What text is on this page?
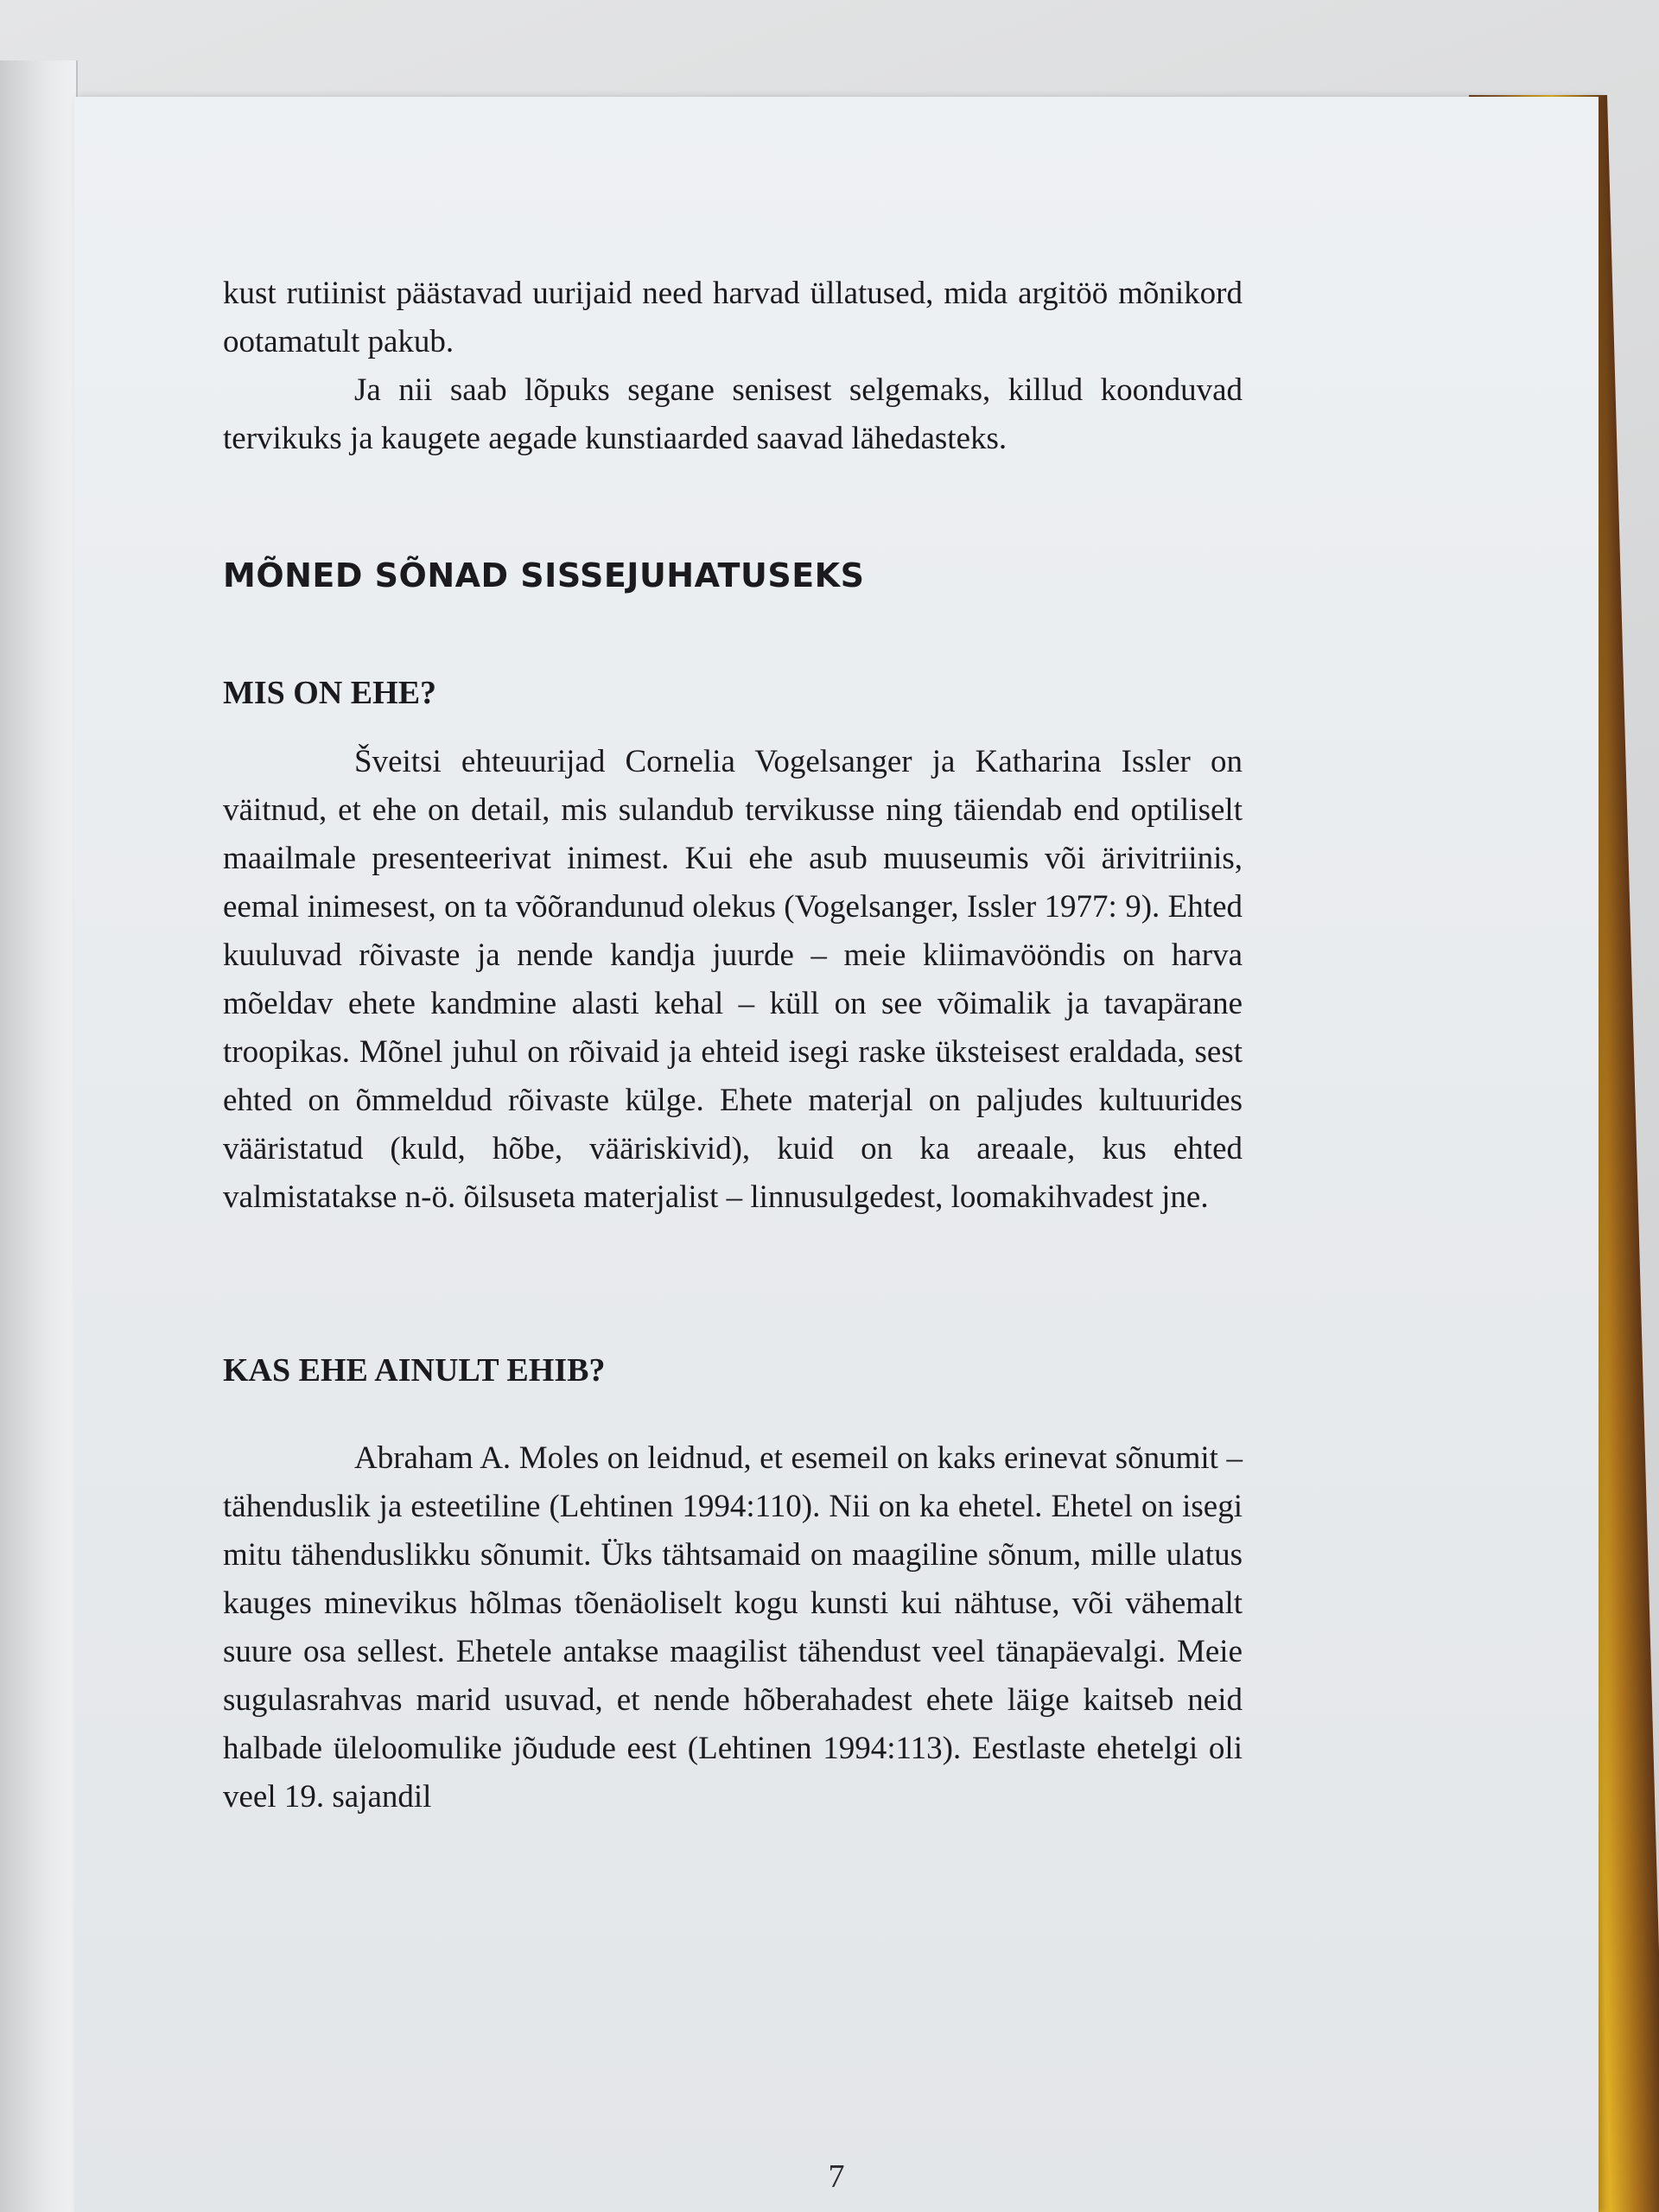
kust rutiinist päästavad uurijaid need harvad üllatused, mida argitöö mõnikord ootamatult pakub.

Ja nii saab lõpuks segane senisest selgemaks, killud koonduvad tervikuks ja kaugete aegade kunstiaarded saavad lähedasteks.

MÕNED SÕNAD SISSEJUHATUSEKS
MIS ON EHE?

Šveitsi ehteuurijad Cornelia Vogelsanger ja Katharina Issler on väitnud, et ehe on detail, mis sulandub tervikusse ning täiendab end optiliselt maailmale presenteerivat inimest. Kui ehe asub muuseumis või ärivitriinis, eemal inimesest, on ta võõrandunud olekus (Vogelsanger, Issler 1977: 9). Ehted kuuluvad rõivaste ja nende kandja juurde – meie kliimavööndis on harva mõeldav ehete kandmine alasti kehal – küll on see võimalik ja tavapärane troopikas. Mõnel juhul on rõivaid ja ehteid isegi raske üksteisest eraldada, sest ehted on õmmeldud rõivaste külge. Ehete materjal on paljudes kultuurides vääristatud (kuld, hõbe, vääriskivid), kuid on ka areaale, kus ehted valmistatakse n-ö. õilsuseta materjalist – linnusulgedest, loomakihvadest jne.

KAS EHE AINULT EHIB?

Abraham A. Moles on leidnud, et esemeil on kaks erinevat sõnumit – tähenduslik ja esteetiline (Lehtinen 1994:110). Nii on ka ehetel. Ehetel on isegi mitu tähenduslikku sõnumit. Üks tähtsamaid on maagiline sõnum, mille ulatus kauges minevikus hõlmas tõenäoliselt kogu kunsti kui nähtuse, või vähemalt suure osa sellest. Ehetele antakse maagilist tähendust veel tänapäevalgi. Meie sugulasrahvas marid usuvad, et nende hõberahadest ehete läige kaitseb neid halbade üleloomulike jõudude eest (Lehtinen 1994:113). Eestlaste ehetelgi oli veel 19. sajandil

7
